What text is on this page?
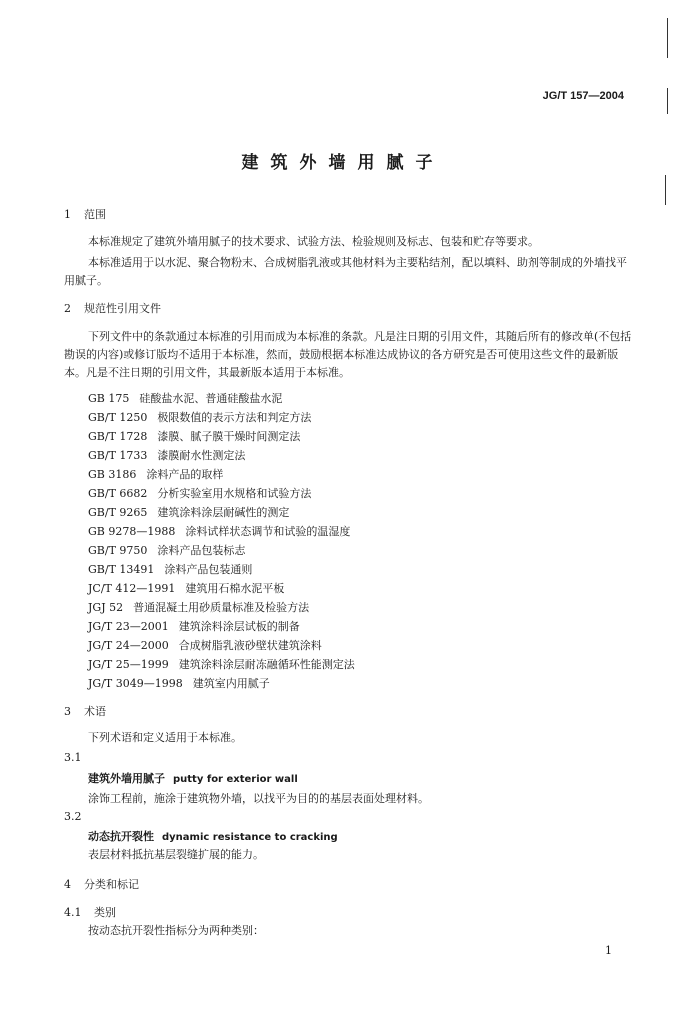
JG/T 157—2004
建筑外墙用腻子
1 范围
本标准规定了建筑外墙用腻子的技术要求、试验方法、检验规则及标志、包装和贮存等要求。
本标准适用于以水泥、聚合物粉末、合成树脂乳液或其他材料为主要粘结剂，配以填料、助剂等制成的外墙找平用腻子。
2 规范性引用文件
下列文件中的条款通过本标准的引用而成为本标准的条款。凡是注日期的引用文件，其随后所有的修改单(不包括勘误的内容)或修订版均不适用于本标准，然而，鼓励根据本标准达成协议的各方研究是否可使用这些文件的最新版本。凡是不注日期的引用文件，其最新版本适用于本标准。
GB 175 硅酸盐水泥、普通硅酸盐水泥
GB/T 1250 极限数值的表示方法和判定方法
GB/T 1728 漆膜、腻子膜干燥时间测定法
GB/T 1733 漆膜耐水性测定法
GB 3186 涂料产品的取样
GB/T 6682 分析实验室用水规格和试验方法
GB/T 9265 建筑涂料涂层耐碱性的测定
GB 9278—1988 涂料试样状态调节和试验的温湿度
GB/T 9750 涂料产品包装标志
GB/T 13491 涂料产品包装通则
JC/T 412—1991 建筑用石棉水泥平板
JGJ 52 普通混凝土用砂质量标准及检验方法
JG/T 23—2001 建筑涂料涂层试板的制备
JG/T 24—2000 合成树脂乳液砂壁状建筑涂料
JG/T 25—1999 建筑涂料涂层耐冻融循环性能测定法
JG/T 3049—1998 建筑室内用腻子
3 术语
下列术语和定义适用于本标准。
3.1
建筑外墙用腻子 putty for exterior wall
涂饰工程前，施涂于建筑物外墙，以找平为目的的基层表面处理材料。
3.2
动态抗开裂性 dynamic resistance to cracking
表层材料抵抗基层裂缝扩展的能力。
4 分类和标记
4.1 类别
按动态抗开裂性指标分为两种类别：
1
